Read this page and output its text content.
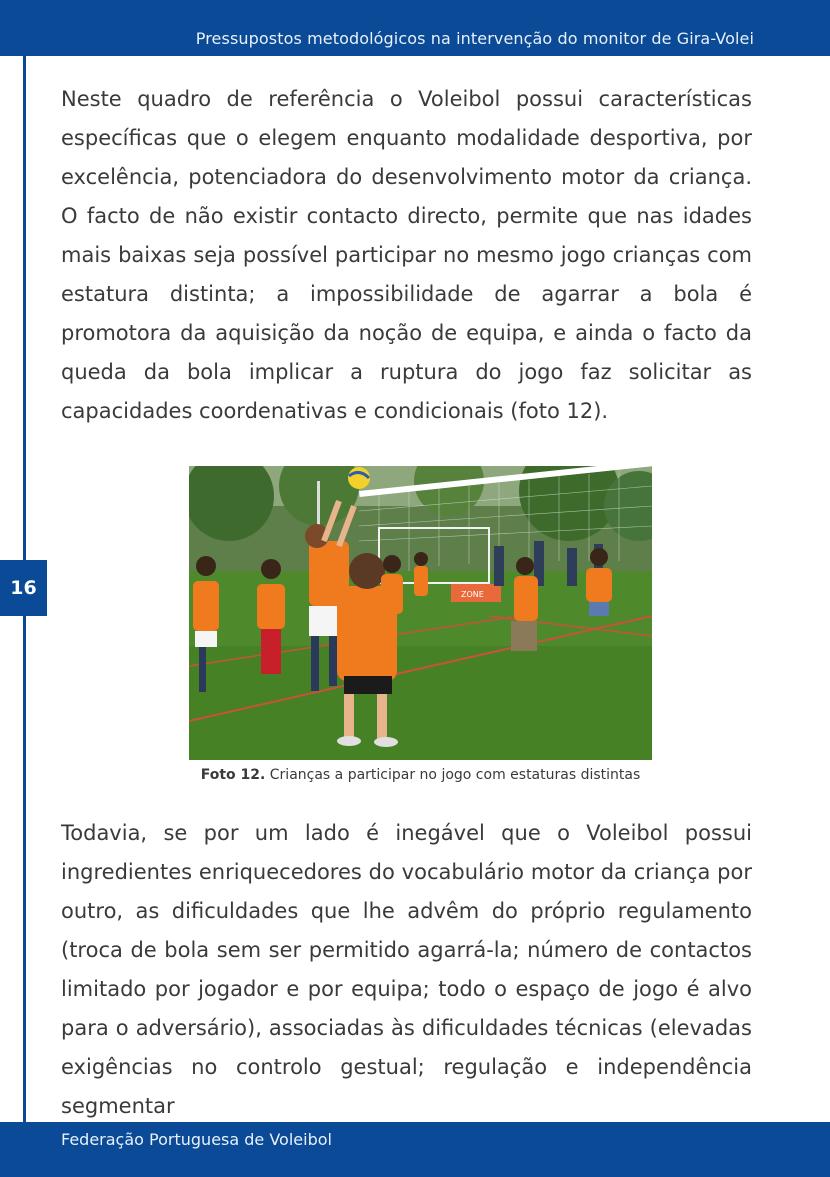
Pressupostos metodológicos na intervenção do monitor de Gira-Volei
16

Neste quadro de referência o Voleibol possui características específicas que o elegem enquanto modalidade desportiva, por excelência, potenciadora do desenvolvimento motor da criança. O facto de não existir contacto directo, permite que nas idades mais baixas seja possível participar no mesmo jogo crianças com estatura distinta; a impossibilidade de agarrar a bola é promotora da aquisição da noção de equipa, e ainda o facto da queda da bola implicar a ruptura do jogo faz solicitar as capacidades coordenativas e condicionais (foto 12).

ZONE
Foto 12. Crianças a participar no jogo com estaturas distintas

Todavia, se por um lado é inegável que o Voleibol possui ingredientes enriquecedores do vocabulário motor da criança por outro, as dificuldades que lhe advêm do próprio regulamento (troca de bola sem ser permitido agarrá-la; número de contactos limitado por jogador e por equipa; todo o espaço de jogo é alvo para o adversário), associadas às dificuldades técnicas (elevadas exigências no controlo gestual; regulação e independência segmentar

Federação Portuguesa de Voleibol
